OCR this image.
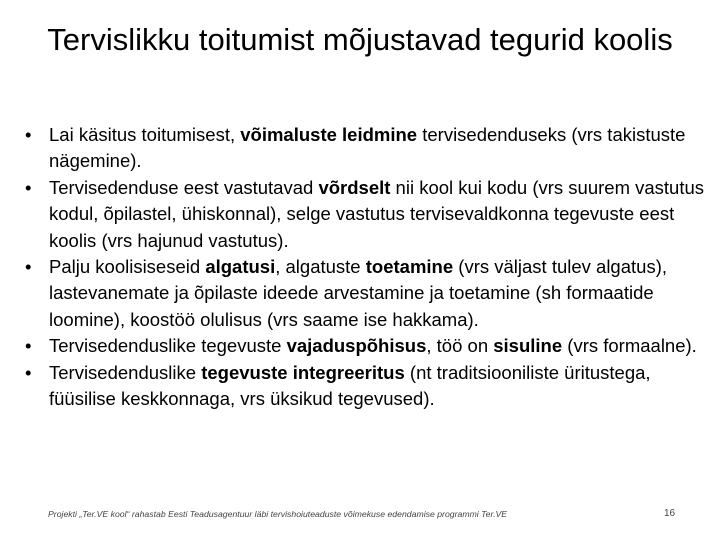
Tervislikku toitumist mõjustavad tegurid koolis
• Lai käsitus toitumisest, võimaluste leidmine tervisedenduseks (vrs takistuste nägemine).
• Tervisedenduse eest vastutavad võrdselt nii kool kui kodu (vrs suurem vastutus kodul, õpilastel, ühiskonnal), selge vastutus tervisevaldkonna tegevuste eest koolis (vrs hajunud vastutus).
• Palju koolisiseseid algatusi, algatuste toetamine (vrs väljast tulev algatus), lastevanemate ja õpilaste ideede arvestamine ja toetamine (sh formaatide loomine), koostöö olulisus (vrs saame ise hakkama).
• Tervisedenduslike tegevuste vajaduspõhisus, töö on sisuline (vrs formaalne).
• Tervisedenduslike tegevuste integreeritus (nt traditsiooniliste üritustega, füüsilise keskkonnaga, vrs üksikud tegevused).
Projekti „Ter.VE kool“ rahastab Eesti Teadusagentuur läbi tervishoiuteaduste võimekuse edendamise programmi Ter.VE	16
